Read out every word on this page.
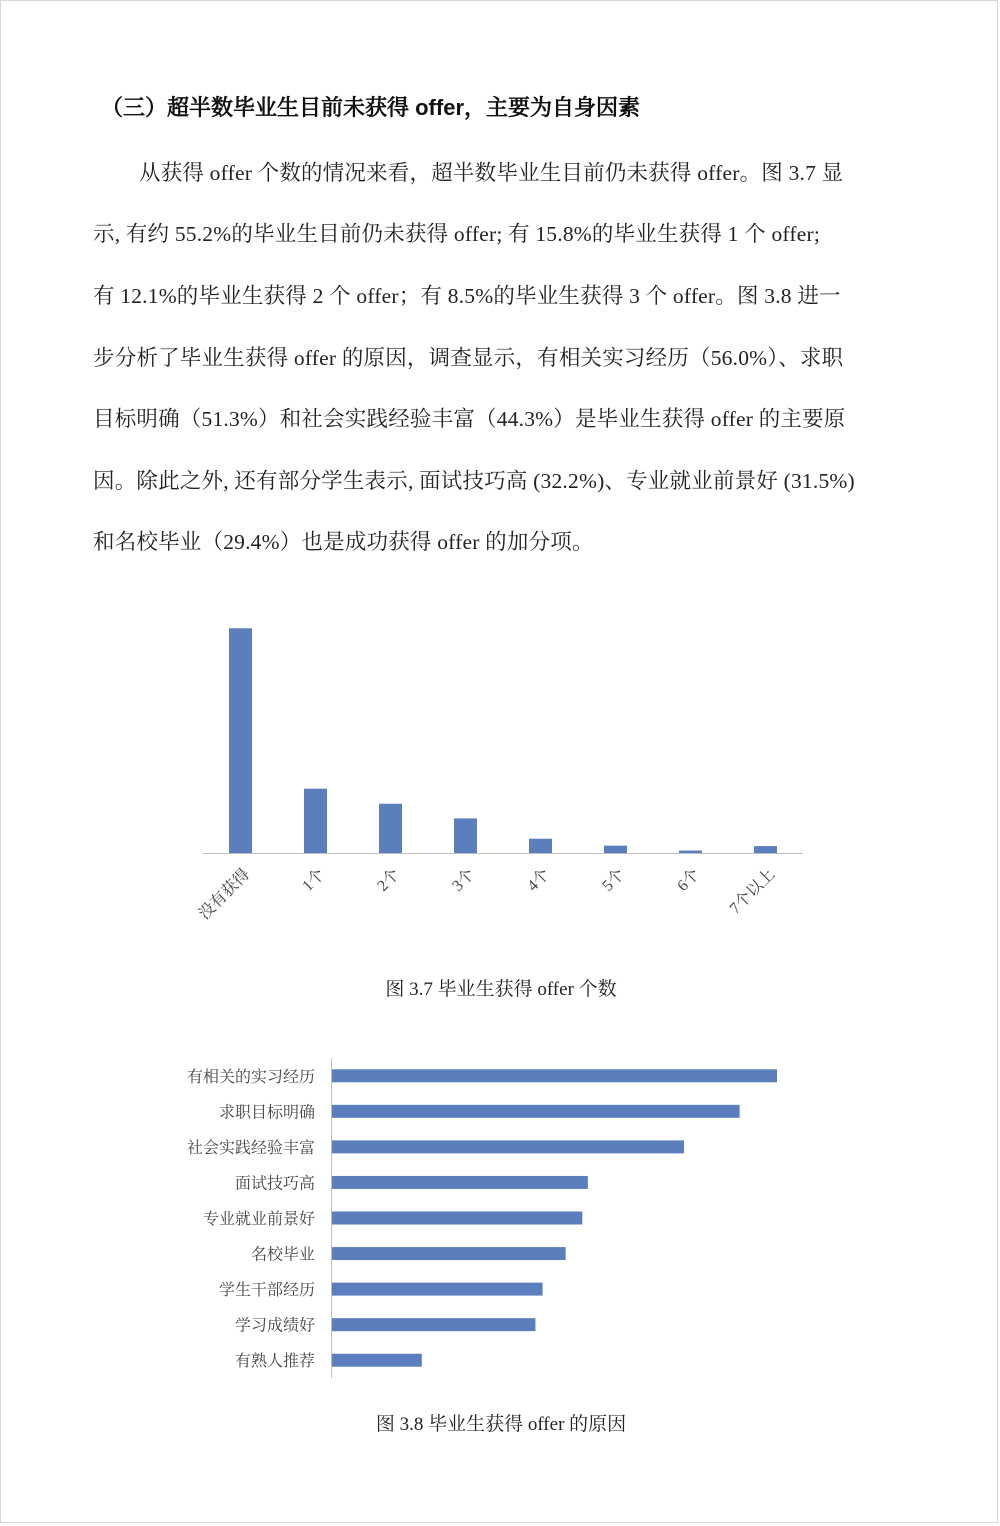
（三）超半数毕业生目前未获得 offer，主要为自身因素
从获得 offer 个数的情况来看，超半数毕业生目前仍未获得 offer。图 3.7 显
示, 有约 55.2%的毕业生目前仍未获得 offer; 有 15.8%的毕业生获得 1 个 offer;
有 12.1%的毕业生获得 2 个 offer；有 8.5%的毕业生获得 3 个 offer。图 3.8 进一
步分析了毕业生获得 offer 的原因，调查显示，有相关实习经历（56.0%）、求职
目标明确（51.3%）和社会实践经验丰富（44.3%）是毕业生获得 offer 的主要原
因。除此之外, 还有部分学生表示, 面试技巧高 (32.2%)、专业就业前景好 (31.5%)
和名校毕业（29.4%）也是成功获得 offer 的加分项。
没有获得	1个	2个	3个	4个	5个	6个 7个以上
有相关的实习经历
求职目标明确
社会实践经验丰富
面试技巧高
专业就业前景好
名校毕业
学生干部经历
学习成绩好
有熟人推荐
图 3.7 毕业生获得 offer 个数
图 3.8 毕业生获得 offer 的原因
